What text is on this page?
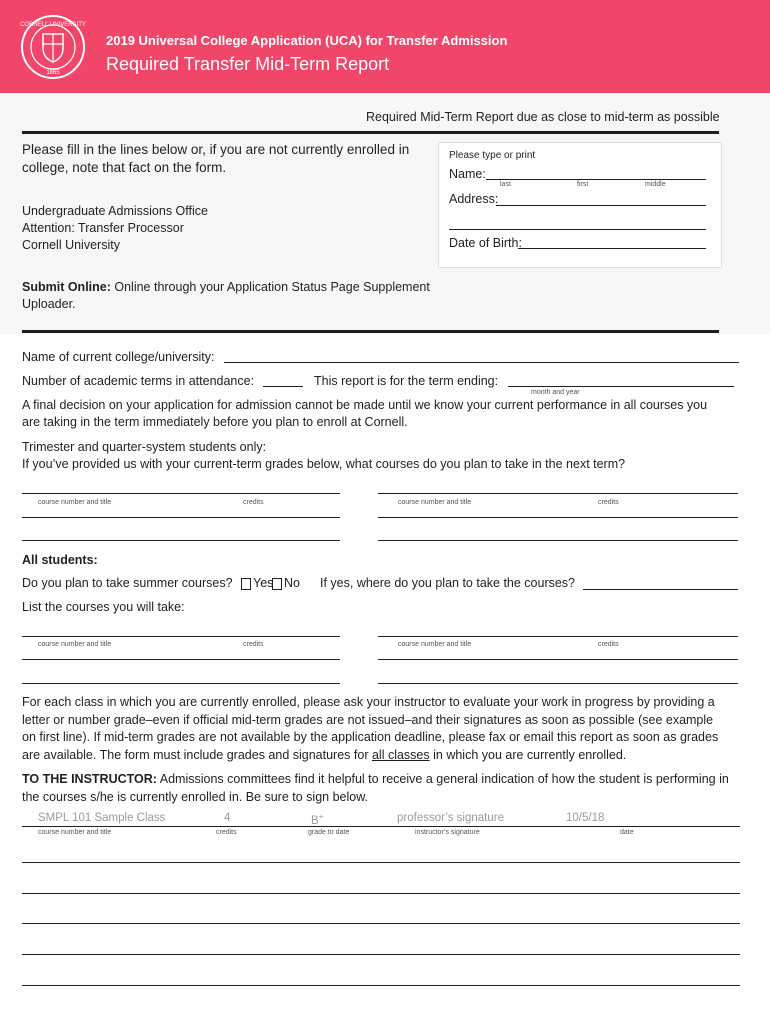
CORNELL UNIVERSITY
1865
2019 Universal College Application (UCA) for Transfer Admission
Required Transfer Mid-Term Report
Required Mid-Term Report due as close to mid-term as possible
Please fill in the lines below or, if you are not currently enrolled in
college, note that fact on the form.
Undergraduate Admissions Office
Attention: Transfer Processor
Cornell University
Submit Online: Online through your Application Status Page Supplement
Uploader.
Please type or print
Name:
last	first	middle
Address:
Date of Birth:
Name of current college/university:
Number of academic terms in attendance:	This report is for the term ending:
month and year
A final decision on your application for admission cannot be made until we know your current performance in all courses you
are taking in the term immediately before you plan to enroll at Cornell.
Trimester and quarter-system students only:
If you’ve provided us with your current-term grades below, what courses do you plan to take in the next term?
course number and title	credits	course number and title	credits
All students:
Do you plan to take summer courses? Yes No If yes, where do you plan to take the courses?
List the courses you will take:
course number and title	credits	course number and title	credits
For each class in which you are currently enrolled, please ask your instructor to evaluate your work in progress by providing a
letter or number grade–even if official mid-term grades are not issued–and their signatures as soon as possible (see example
on first line). If mid-term grades are not available by the application deadline, please fax or email this report as soon as grades
are available. The form must include grades and signatures for all classes in which you are currently enrolled.
TO THE INSTRUCTOR: Admissions committees find it helpful to receive a general indication of how the student is performing in
the courses s/he is currently enrolled in. Be sure to sign below.
SMPL 101 Sample Class	4	B+	professor’s signature	10/5/18
course number and title	credits	grade to date	instructor’s signature	date
